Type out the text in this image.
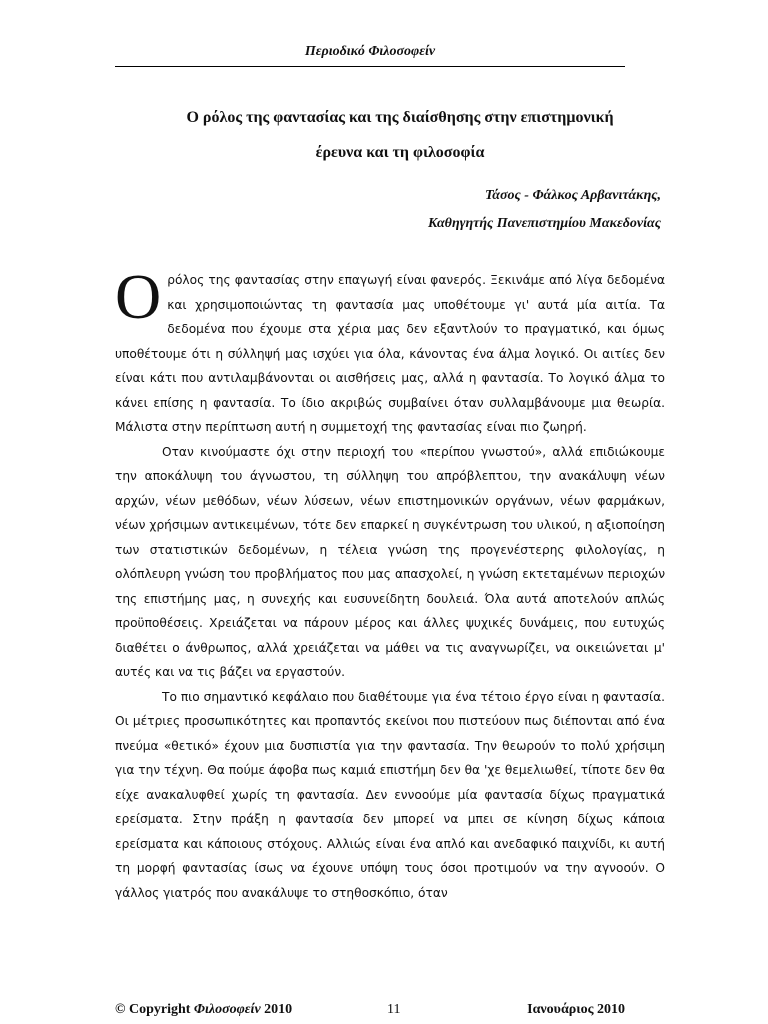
Περιοδικό Φιλοσοφείν
Ο ρόλος της φαντασίας και της διαίσθησης στην επιστημονική
έρευνα και τη φιλοσοφία
Τάσος - Φάλκος Αρβανιτάκης,
Καθηγητής Πανεπιστημίου Μακεδονίας

Ορόλος της φαντασίας στην επαγωγή είναι φανερός. Ξεκινάμε από λίγα δεδομένα και χρησιμοποιώντας τη φαντασία μας υποθέτουμε γι' αυτά μία αιτία. Τα δεδομένα που έχουμε στα χέρια μας δεν εξαντλούν το πραγματικό, και όμως υποθέτουμε ότι η σύλληψή μας ισχύει για όλα, κάνοντας ένα άλμα λογικό. Οι αιτίες δεν είναι κάτι που αντιλαμβάνονται οι αισθήσεις μας, αλλά η φαντασία. Το λογικό άλμα το κάνει επίσης η φαντασία. Το ίδιο ακριβώς συμβαίνει όταν συλλαμβάνουμε μια θεωρία. Μάλιστα στην περίπτωση αυτή η συμμετοχή της φαντασίας είναι πιο ζωηρή.

Οταν κινούμαστε όχι στην περιοχή του «περίπου γνωστού», αλλά επιδιώκουμε την αποκάλυψη του άγνωστου, τη σύλληψη του απρόβλεπτου, την ανακάλυψη νέων αρχών, νέων μεθόδων, νέων λύσεων, νέων επιστημονικών οργάνων, νέων φαρμάκων, νέων χρήσιμων αντικειμένων, τότε δεν επαρκεί η συγκέντρωση του υλικού, η αξιοποίηση των στατιστικών δεδομένων, η τέλεια γνώση της προγενέστερης φιλολογίας, η ολόπλευρη γνώση του προβλήματος που μας απασχολεί, η γνώση εκτεταμένων περιοχών της επιστήμης μας, η συνεχής και ευσυνείδητη δουλειά. Όλα αυτά αποτελούν απλώς προϋποθέσεις. Χρειάζεται να πάρουν μέρος και άλλες ψυχικές δυνάμεις, που ευτυχώς διαθέτει ο άνθρωπος, αλλά χρειάζεται να μάθει να τις αναγνωρίζει, να οικειώνεται μ' αυτές και να τις βάζει να εργαστούν.

Το πιο σημαντικό κεφάλαιο που διαθέτουμε για ένα τέτοιο έργο είναι η φαντασία. Οι μέτριες προσωπικότητες και προπαντός εκείνοι που πιστεύουν πως διέπονται από ένα πνεύμα «θετικό» έχουν μια δυσπιστία για την φαντασία. Την θεωρούν το πολύ χρήσιμη για την τέχνη. Θα πούμε άφοβα πως καμιά επιστήμη δεν θα 'χε θεμελιωθεί, τίποτε δεν θα είχε ανακαλυφθεί χωρίς τη φαντασία. Δεν εννοούμε μία φαντασία δίχως πραγματικά ερείσματα. Στην πράξη η φαντασία δεν μπορεί να μπει σε κίνηση δίχως κάποια ερείσματα και κάποιους στόχους. Αλλιώς είναι ένα απλό και ανεδαφικό παιχνίδι, κι αυτή τη μορφή φαντασίας ίσως να έχουνε υπόψη τους όσοι προτιμούν να την αγνοούν. Ο γάλλος γιατρός που ανακάλυψε το στηθοσκόπιο, όταν

© Copyright Φιλοσοφείν 2010	11	Ιανουάριος 2010
